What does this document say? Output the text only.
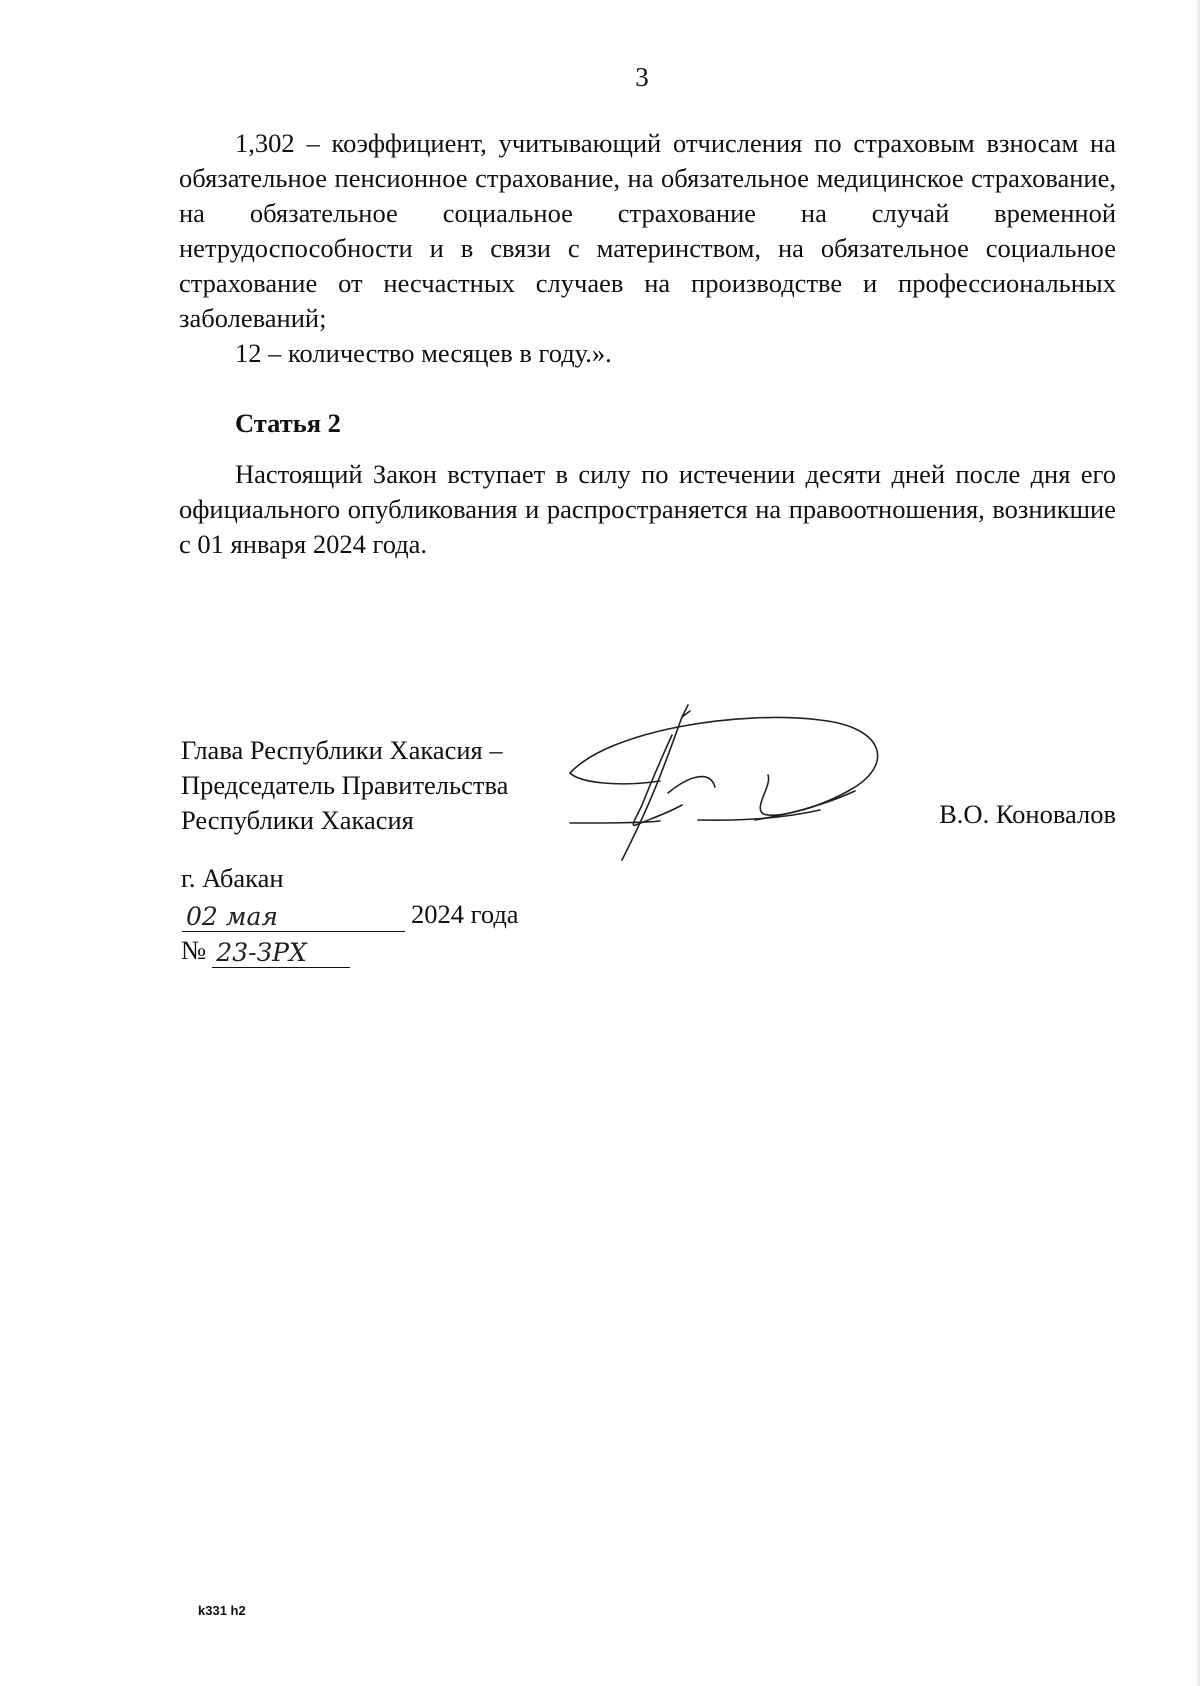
3

1,302 – коэффициент, учитывающий отчисления по страховым взносам на обязательное пенсионное страхование, на обязательное медицинское страхование, на обязательное социальное страхование на случай временной нетрудоспособности и в связи с материнством, на обязательное социальное страхование от несчастных случаев на производстве и профессиональных заболеваний;

12 – количество месяцев в году.».

Статья 2

Настоящий Закон вступает в силу по истечении десяти дней после дня его официального опубликования и распространяется на правоотношения, возникшие с 01 января 2024 года.

Глава Республики Хакасия –
Председатель Правительства
Республики Хакасия	В.О. Коновалов
г. Абакан
02 мая	2024 года
№ 23-ЗРХ
k331 h2
